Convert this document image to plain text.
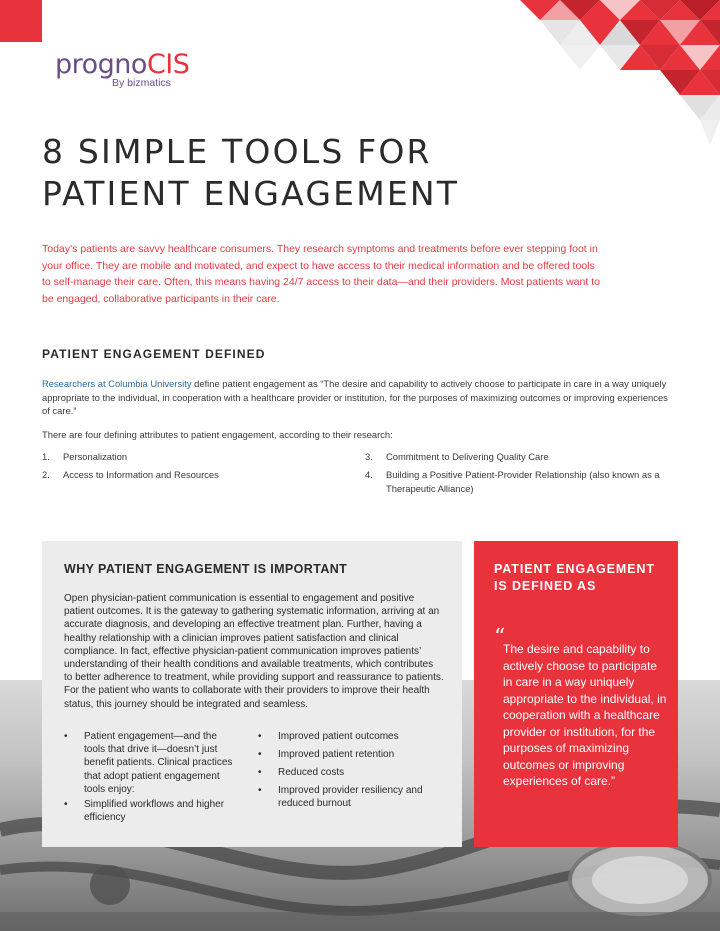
prognoCIS
By bizmatics
8 SIMPLE TOOLS FOR
PATIENT ENGAGEMENT

Today’s patients are savvy healthcare consumers. They research symptoms and treatments before ever stepping foot in your office. They are mobile and motivated, and expect to have access to their medical information and be offered tools to self-manage their care. Often, this means having 24/7 access to their data—and their providers. Most patients want to be engaged, collaborative participants in their care.

PATIENT ENGAGEMENT DEFINED

Researchers at Columbia University define patient engagement as “The desire and capability to actively choose to participate in care in a way uniquely appropriate to the individual, in cooperation with a healthcare provider or institution, for the purposes of maximizing outcomes or improving experiences of care.”

There are four defining attributes to patient engagement, according to their research:

1. Personalization
2. Access to Information and Resources
3. Commitment to Delivering Quality Care
4. Building a Positive Patient-Provider Relationship (also known as a Therapeutic Alliance)
WHY PATIENT ENGAGEMENT IS IMPORTANT

Open physician-patient communication is essential to engagement and positive patient outcomes. It is the gateway to gathering systematic information, arriving at an accurate diagnosis, and developing an effective treatment plan. Further, having a healthy relationship with a clinician improves patient satisfaction and clinical compliance. In fact, effective physician-patient communication improves patients’ understanding of their health conditions and available treatments, which contributes to better adherence to treatment, while providing support and reassurance to patients. For the patient who wants to collaborate with their providers to improve their health status, this journey should be integrated and seamless.

• Patient engagement—and the tools that drive it—doesn’t just benefit patients. Clinical practices that adopt patient engagement tools enjoy:
• Simplified workflows and higher efficiency
• Improved patient outcomes
• Improved patient retention
• Reduced costs
• Improved provider resiliency and reduced burnout
PATIENT ENGAGEMENT IS DEFINED AS
“

The desire and capability to actively choose to participate in care in a way uniquely appropriate to the individual, in cooperation with a healthcare provider or institution, for the purposes of maximizing outcomes or improving experiences of care.”
